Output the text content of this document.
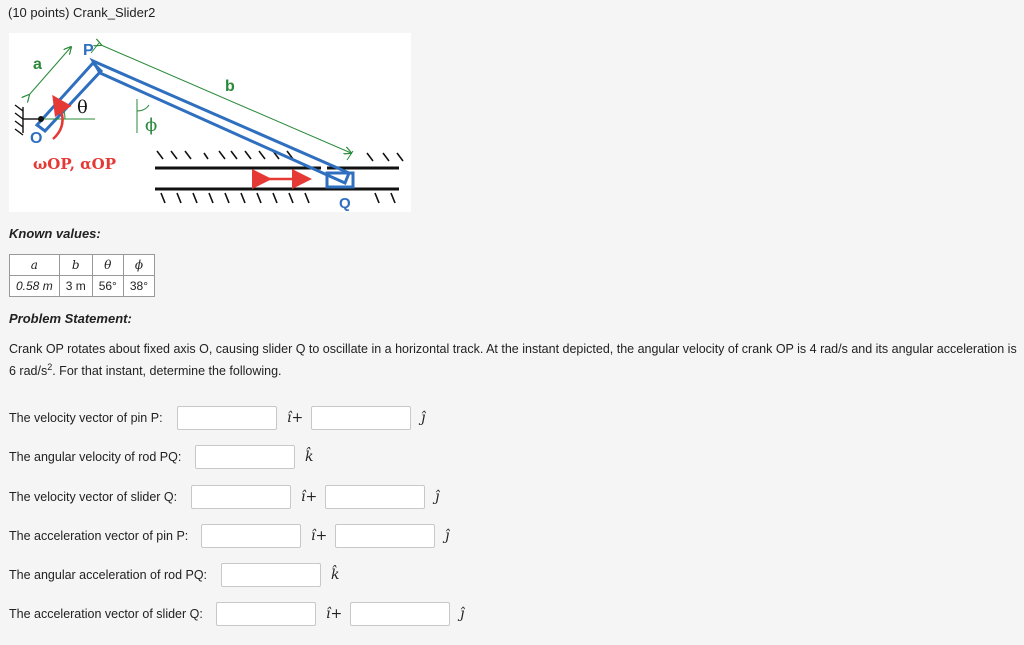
(10 points) Crank_Slider2
a
P
b
θ
ϕ
O
Q
ωOP, αOP
Known values:
a	b	θ	ϕ
0.58 m	3 m	56°	38°
Problem Statement:
Crank OP rotates about fixed axis O, causing slider Q to oscillate in a horizontal track. At the instant depicted, the angular velocity of crank OP is 4 rad/s and its angular acceleration is 6 rad/$s^2$. For that instant, determine the following.
The velocity vector of pin P:	î+	ĵ
The angular velocity of rod PQ:	k̂
The velocity vector of slider Q:	î+	ĵ
The acceleration vector of pin P:	î+	ĵ
The angular acceleration of rod PQ:	k̂
The acceleration vector of slider Q:	î+	ĵ
